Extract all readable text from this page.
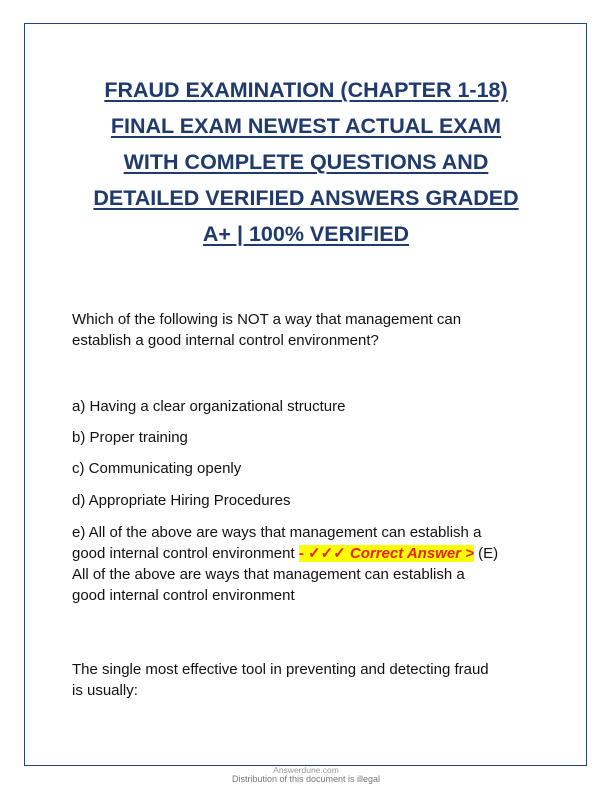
FRAUD EXAMINATION (CHAPTER 1-18)
FINAL EXAM NEWEST ACTUAL EXAM
WITH COMPLETE QUESTIONS AND
DETAILED VERIFIED ANSWERS GRADED
A+ | 100% VERIFIED
Which of the following is NOT a way that management can
establish a good internal control environment?
a) Having a clear organizational structure
b) Proper training
c) Communicating openly
d) Appropriate Hiring Procedures
e) All of the above are ways that management can establish a
good internal control environment - ✓✓✓ Correct Answer > (E)
All of the above are ways that management can establish a
good internal control environment
The single most effective tool in preventing and detecting fraud
is usually:
Answerdune.com
Distribution of this document is illegal
